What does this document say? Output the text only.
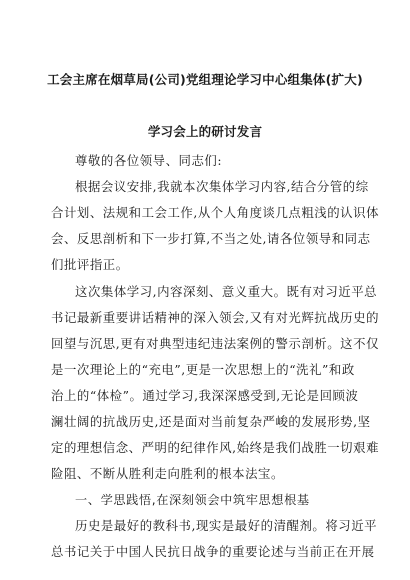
工会主席在烟草局(公司)党组理论学习中心组集体(扩大)
学习会上的研讨发言
尊敬的各位领导、同志们:
根据会议安排,我就本次集体学习内容,结合分管的综
合计划、法规和工会工作,从个人角度谈几点粗浅的认识体
会、反思剖析和下一步打算,不当之处,请各位领导和同志
们批评指正。
这次集体学习,内容深刻、意义重大。既有对习近平总
书记最新重要讲话精神的深入领会,又有对光辉抗战历史的
回望与沉思,更有对典型违纪违法案例的警示剖析。这不仅
是一次理论上的“充电”,更是一次思想上的“洗礼”和政
治上的“体检”。通过学习,我深深感受到,无论是回顾波
澜壮阔的抗战历史,还是面对当前复杂严峻的发展形势,坚
定的理想信念、严明的纪律作风,始终是我们战胜一切艰难
险阻、不断从胜利走向胜利的根本法宝。
一、学思践悟,在深刻领会中筑牢思想根基
历史是最好的教科书,现实是最好的清醒剂。将习近平
总书记关于中国人民抗日战争的重要论述与当前正在开展
